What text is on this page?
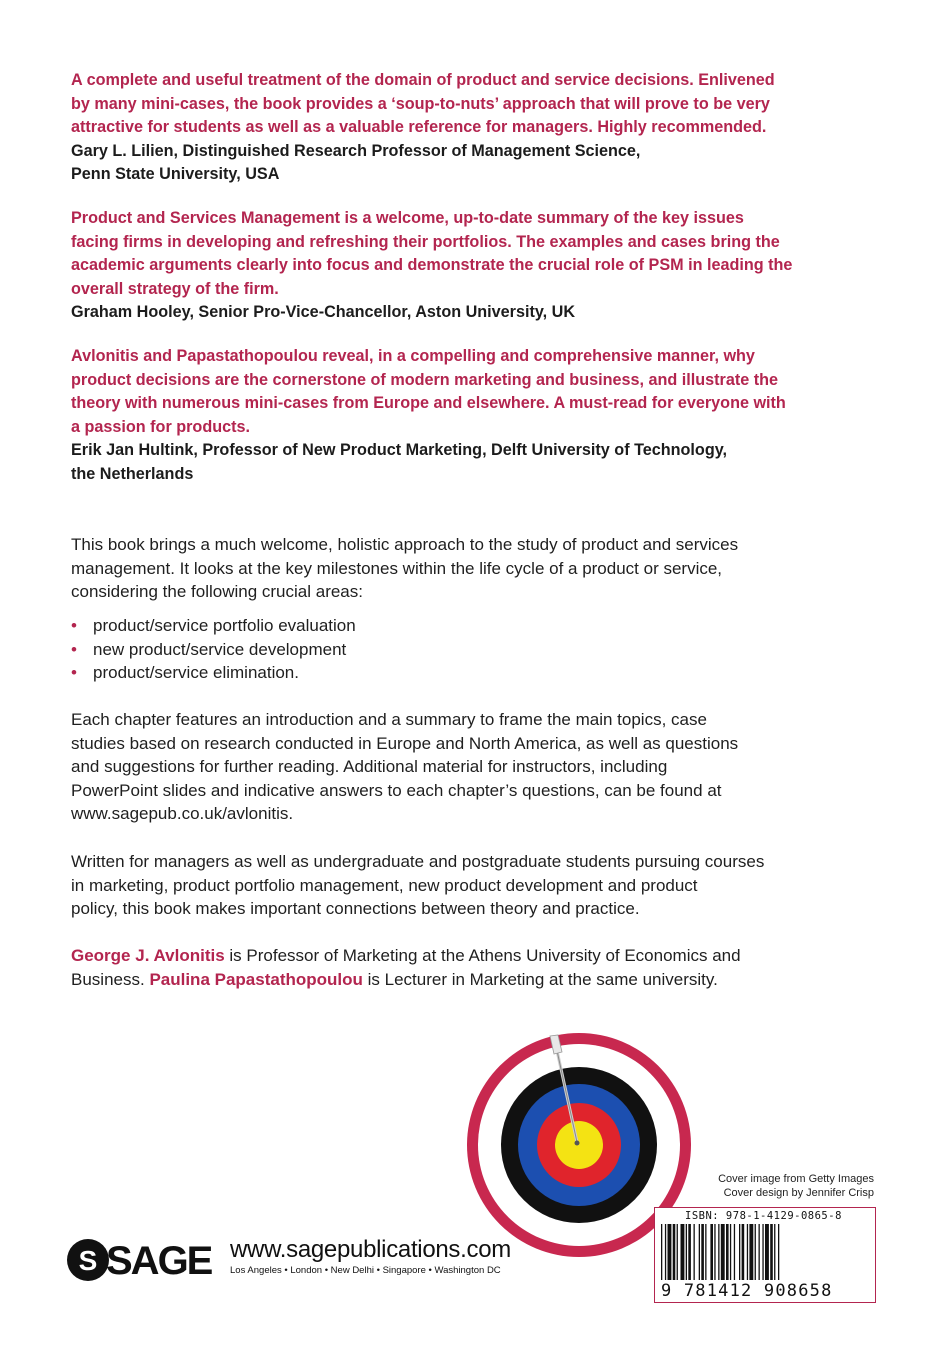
A complete and useful treatment of the domain of product and service decisions. Enlivened
by many mini-cases, the book provides a ‘soup-to-nuts’ approach that will prove to be very
attractive for students as well as a valuable reference for managers. Highly recommended.

Gary L. Lilien, Distinguished Research Professor of Management Science,
Penn State University, USA

Product and Services Management is a welcome, up-to-date summary of the key issues
facing firms in developing and refreshing their portfolios. The examples and cases bring the
academic arguments clearly into focus and demonstrate the crucial role of PSM in leading the
overall strategy of the firm.

Graham Hooley, Senior Pro-Vice-Chancellor, Aston University, UK

Avlonitis and Papastathopoulou reveal, in a compelling and comprehensive manner, why
product decisions are the cornerstone of modern marketing and business, and illustrate the
theory with numerous mini-cases from Europe and elsewhere. A must-read for everyone with
a passion for products.

Erik Jan Hultink, Professor of New Product Marketing, Delft University of Technology,
the Netherlands

This book brings a much welcome, holistic approach to the study of product and services
management. It looks at the key milestones within the life cycle of a product or service,
considering the following crucial areas:

• product/service portfolio evaluation
• new product/service development
• product/service elimination.

Each chapter features an introduction and a summary to frame the main topics, case
studies based on research conducted in Europe and North America, as well as questions
and suggestions for further reading. Additional material for instructors, including
PowerPoint slides and indicative answers to each chapter’s questions, can be found at
www.sagepub.co.uk/avlonitis.

Written for managers as well as undergraduate and postgraduate students pursuing courses
in marketing, product portfolio management, new product development and product
policy, this book makes important connections between theory and practice.

George J. Avlonitis is Professor of Marketing at the Athens University of Economics and
Business. Paulina Papastathopoulou is Lecturer in Marketing at the same university.

Cover image from Getty Images
Cover design by Jennifer Crisp
ISBN: 978-1-4129-0865-8
9 781412 908658
S SAGE www.sagepublications.com

Los Angeles • London • New Delhi • Singapore • Washington DC
